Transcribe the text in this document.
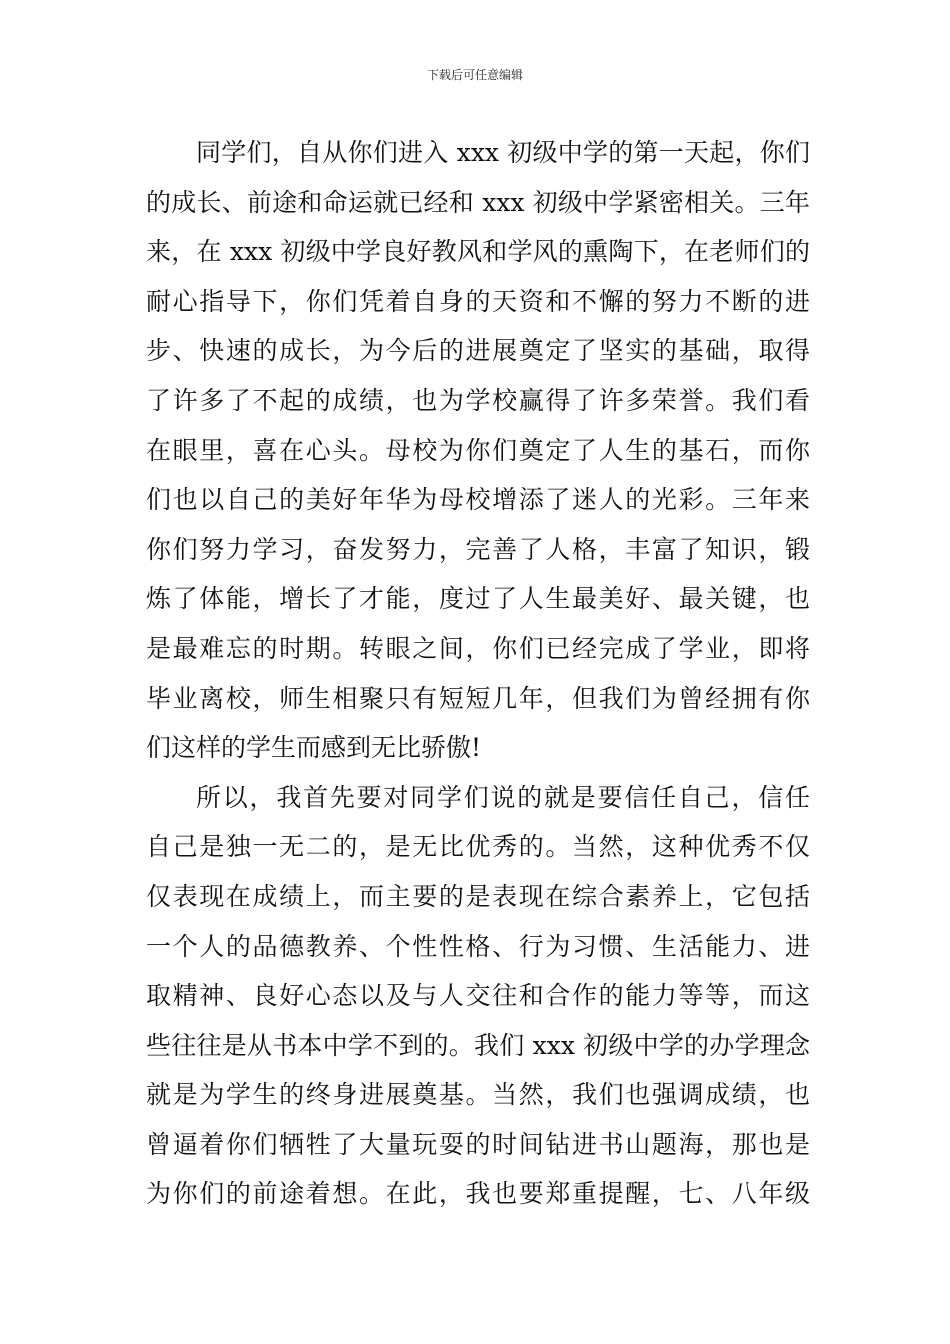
下载后可任意编辑
同学们，自从你们进入 xxx 初级中学的第一天起，你们
的成长、前途和命运就已经和 xxx 初级中学紧密相关。三年
来，在 xxx 初级中学良好教风和学风的熏陶下，在老师们的
耐心指导下，你们凭着自身的天资和不懈的努力不断的进
步、快速的成长，为今后的进展奠定了坚实的基础，取得
了许多了不起的成绩，也为学校赢得了许多荣誉。我们看
在眼里，喜在心头。母校为你们奠定了人生的基石，而你
们也以自己的美好年华为母校增添了迷人的光彩。三年来
你们努力学习，奋发努力，完善了人格，丰富了知识，锻
炼了体能，增长了才能，度过了人生最美好、最关键，也
是最难忘的时期。转眼之间，你们已经完成了学业，即将
毕业离校，师生相聚只有短短几年，但我们为曾经拥有你
们这样的学生而感到无比骄傲!
所以，我首先要对同学们说的就是要信任自己，信任
自己是独一无二的，是无比优秀的。当然，这种优秀不仅
仅表现在成绩上，而主要的是表现在综合素养上，它包括
一个人的品德教养、个性性格、行为习惯、生活能力、进
取精神、良好心态以及与人交往和合作的能力等等，而这
些往往是从书本中学不到的。我们 xxx 初级中学的办学理念
就是为学生的终身进展奠基。当然，我们也强调成绩，也
曾逼着你们牺牲了大量玩耍的时间钻进书山题海，那也是
为你们的前途着想。在此，我也要郑重提醒，七、八年级
